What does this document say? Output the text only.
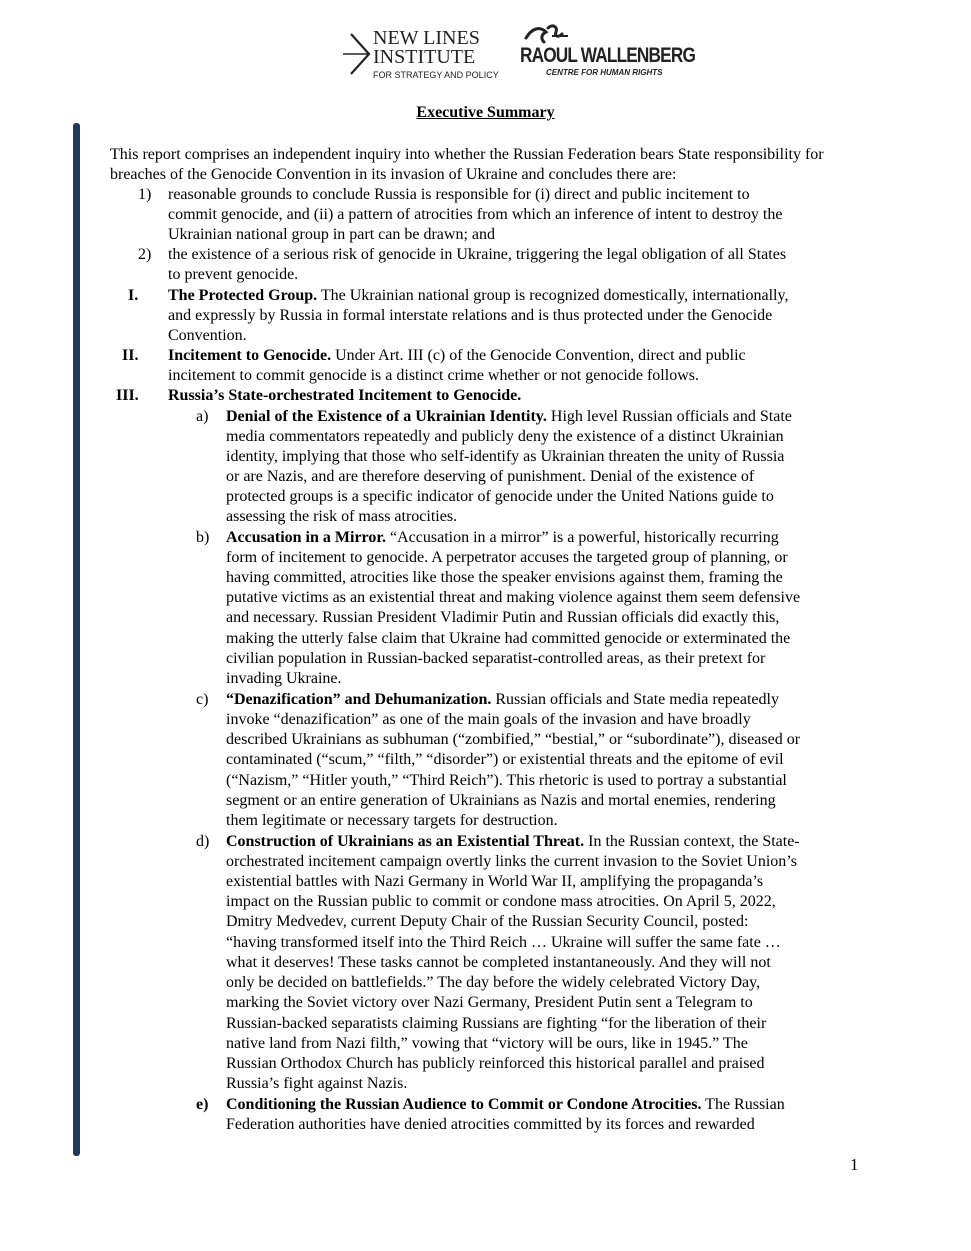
NEW LINES
INSTITUTE
FOR STRATEGY AND POLICY
RAOUL WALLENBERG
CENTRE FOR HUMAN RIGHTS
Executive Summary
This report comprises an independent inquiry into whether the Russian Federation bears State responsibility for breaches of the Genocide Convention in its invasion of Ukraine and concludes there are:
1) reasonable grounds to conclude Russia is responsible for (i) direct and public incitement to
commit genocide, and (ii) a pattern of atrocities from which an inference of intent to destroy the
Ukrainian national group in part can be drawn; and
2) the existence of a serious risk of genocide in Ukraine, triggering the legal obligation of all States
to prevent genocide.
I. The Protected Group. The Ukrainian national group is recognized domestically, internationally,
and expressly by Russia in formal interstate relations and is thus protected under the Genocide
Convention.
II. Incitement to Genocide. Under Art. III (c) of the Genocide Convention, direct and public
incitement to commit genocide is a distinct crime whether or not genocide follows.
III. Russia’s State-orchestrated Incitement to Genocide.
a) Denial of the Existence of a Ukrainian Identity. High level Russian officials and State
media commentators repeatedly and publicly deny the existence of a distinct Ukrainian
identity, implying that those who self-identify as Ukrainian threaten the unity of Russia
or are Nazis, and are therefore deserving of punishment. Denial of the existence of
protected groups is a specific indicator of genocide under the United Nations guide to
assessing the risk of mass atrocities.
b) Accusation in a Mirror. “Accusation in a mirror” is a powerful, historically recurring
form of incitement to genocide. A perpetrator accuses the targeted group of planning, or
having committed, atrocities like those the speaker envisions against them, framing the
putative victims as an existential threat and making violence against them seem defensive
and necessary. Russian President Vladimir Putin and Russian officials did exactly this,
making the utterly false claim that Ukraine had committed genocide or exterminated the
civilian population in Russian-backed separatist-controlled areas, as their pretext for
invading Ukraine.
c) “Denazification” and Dehumanization. Russian officials and State media repeatedly
invoke “denazification” as one of the main goals of the invasion and have broadly
described Ukrainians as subhuman (“zombified,” “bestial,” or “subordinate”), diseased or
contaminated (“scum,” “filth,” “disorder”) or existential threats and the epitome of evil
(“Nazism,” “Hitler youth,” “Third Reich”). This rhetoric is used to portray a substantial
segment or an entire generation of Ukrainians as Nazis and mortal enemies, rendering
them legitimate or necessary targets for destruction.
d) Construction of Ukrainians as an Existential Threat. In the Russian context, the State-
orchestrated incitement campaign overtly links the current invasion to the Soviet Union’s
existential battles with Nazi Germany in World War II, amplifying the propaganda’s
impact on the Russian public to commit or condone mass atrocities. On April 5, 2022,
Dmitry Medvedev, current Deputy Chair of the Russian Security Council, posted:
“having transformed itself into the Third Reich … Ukraine will suffer the same fate …
what it deserves! These tasks cannot be completed instantaneously. And they will not
only be decided on battlefields.” The day before the widely celebrated Victory Day,
marking the Soviet victory over Nazi Germany, President Putin sent a Telegram to
Russian-backed separatists claiming Russians are fighting “for the liberation of their
native land from Nazi filth,” vowing that “victory will be ours, like in 1945.” The
Russian Orthodox Church has publicly reinforced this historical parallel and praised
Russia’s fight against Nazis.
e) Conditioning the Russian Audience to Commit or Condone Atrocities. The Russian
Federation authorities have denied atrocities committed by its forces and rewarded
1
